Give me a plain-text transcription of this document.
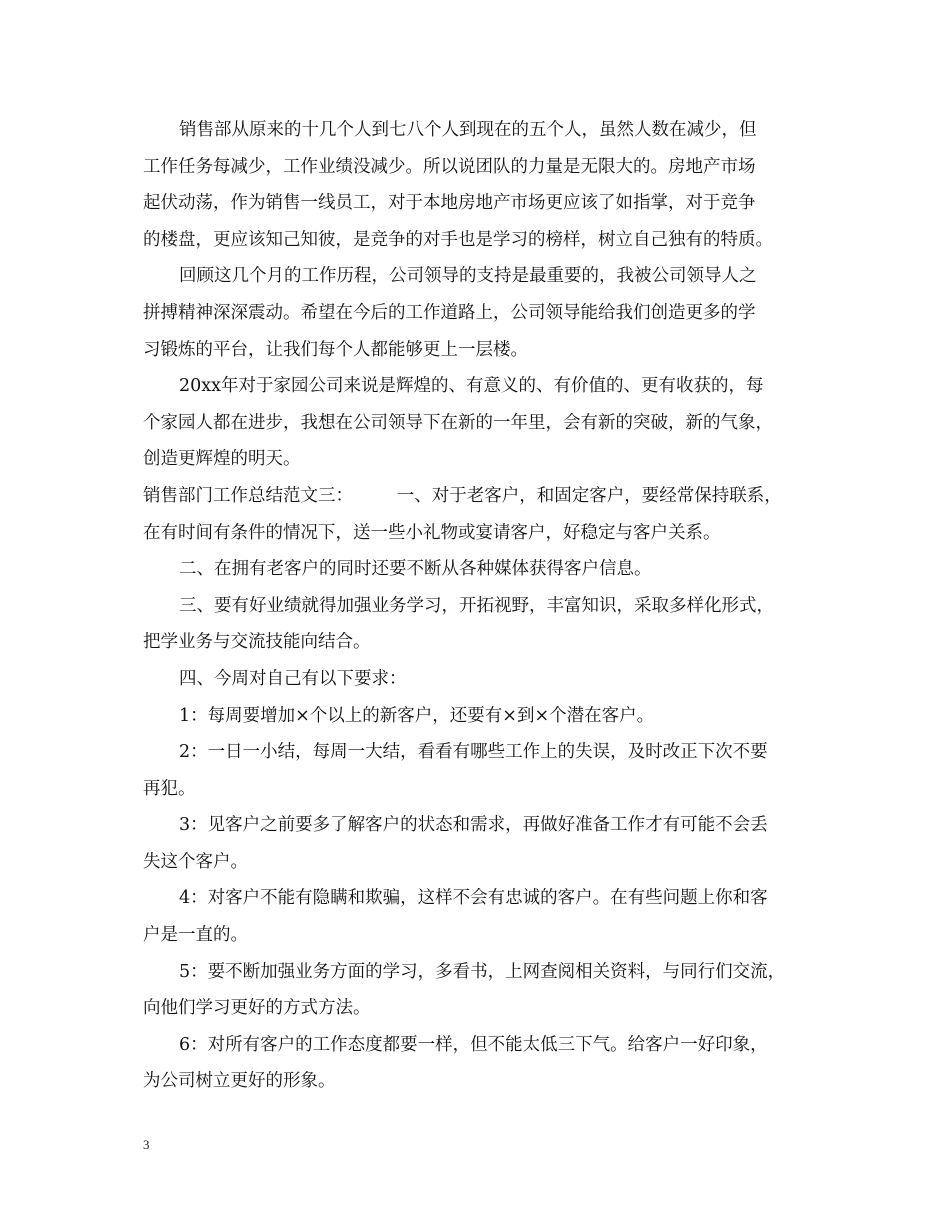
销售部从原来的十几个人到七八个人到现在的五个人，虽然人数在减少，但
工作任务每减少，工作业绩没减少。所以说团队的力量是无限大的。房地产市场
起伏动荡，作为销售一线员工，对于本地房地产市场更应该了如指掌，对于竞争
的楼盘，更应该知己知彼，是竞争的对手也是学习的榜样，树立自己独有的特质。
回顾这几个月的工作历程，公司领导的支持是最重要的，我被公司领导人之
拼搏精神深深震动。希望在今后的工作道路上，公司领导能给我们创造更多的学
习锻炼的平台，让我们每个人都能够更上一层楼。
20xx年对于家园公司来说是辉煌的、有意义的、有价值的、更有收获的，每
个家园人都在进步，我想在公司领导下在新的一年里，会有新的突破，新的气象，
创造更辉煌的明天。
销售部门工作总结范文三：　　　一、对于老客户，和固定客户，要经常保持联系，
在有时间有条件的情况下，送一些小礼物或宴请客户，好稳定与客户关系。
二、在拥有老客户的同时还要不断从各种媒体获得客户信息。
三、要有好业绩就得加强业务学习，开拓视野，丰富知识，采取多样化形式，
把学业务与交流技能向结合。
四、今周对自己有以下要求：
1：每周要增加×个以上的新客户，还要有×到×个潜在客户。
2：一日一小结，每周一大结，看看有哪些工作上的失误，及时改正下次不要
再犯。
3：见客户之前要多了解客户的状态和需求，再做好准备工作才有可能不会丢
失这个客户。
4：对客户不能有隐瞒和欺骗，这样不会有忠诚的客户。在有些问题上你和客
户是一直的。
5：要不断加强业务方面的学习，多看书，上网查阅相关资料，与同行们交流，
向他们学习更好的方式方法。
6：对所有客户的工作态度都要一样，但不能太低三下气。给客户一好印象，
为公司树立更好的形象。
3
